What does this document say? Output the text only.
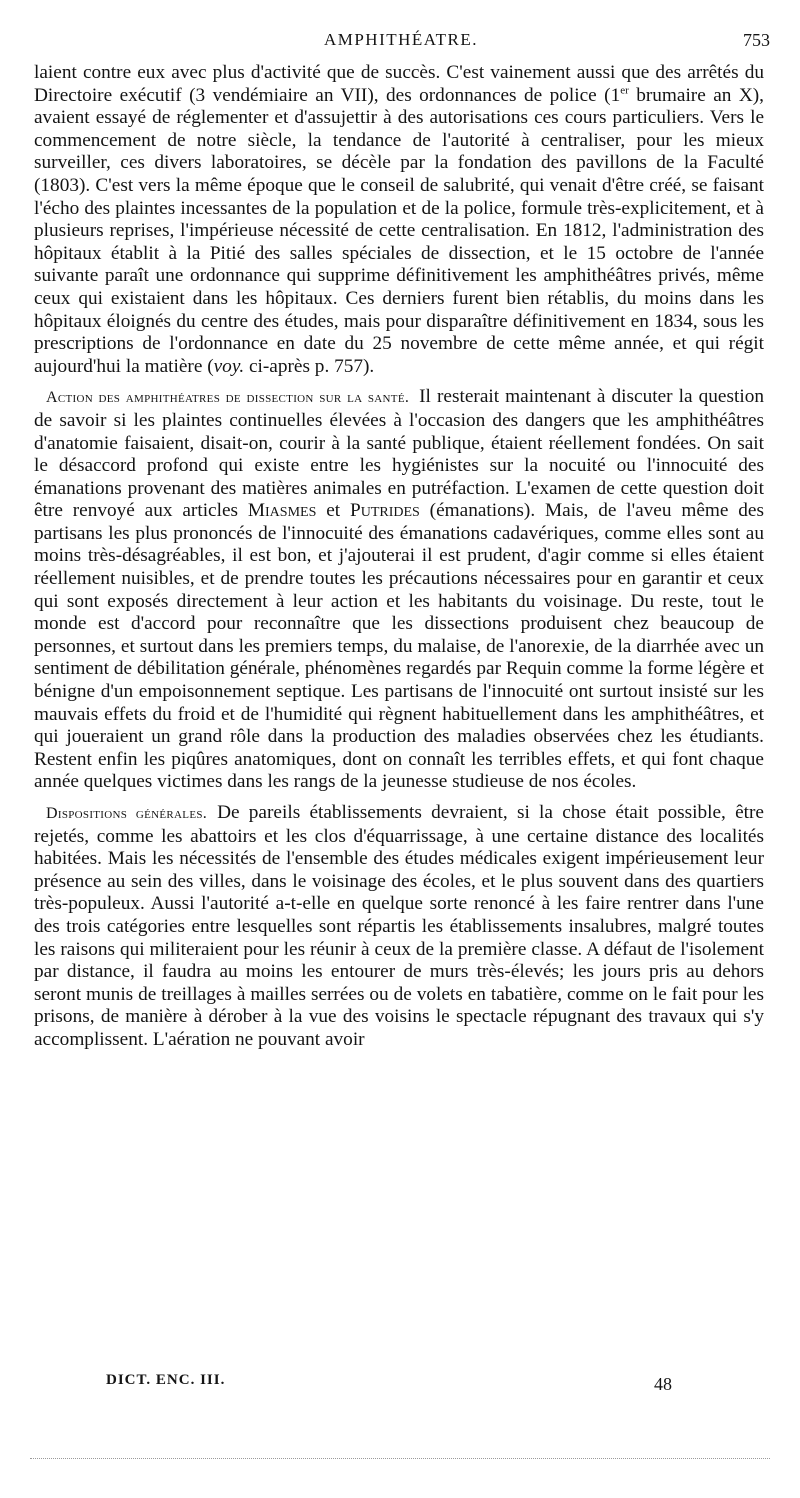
AMPHITHÉATRE.	753

laient contre eux avec plus d'activité que de succès. C'est vainement aussi que des arrêtés du Directoire exécutif (3 vendémiaire an VII), des ordonnances de police (1er brumaire an X), avaient essayé de réglementer et d'assujettir à des autorisations ces cours particuliers. Vers le commencement de notre siècle, la tendance de l'autorité à centraliser, pour les mieux surveiller, ces divers laboratoires, se décèle par la fondation des pavillons de la Faculté (1803). C'est vers la même époque que le conseil de salubrité, qui venait d'être créé, se faisant l'écho des plaintes incessantes de la population et de la police, formule très-explicitement, et à plusieurs reprises, l'impérieuse nécessité de cette centralisation. En 1812, l'administration des hôpitaux établit à la Pitié des salles spéciales de dissection, et le 15 octobre de l'année suivante paraît une ordonnance qui supprime définitivement les amphithéâtres privés, même ceux qui existaient dans les hôpitaux. Ces derniers furent bien rétablis, du moins dans les hôpitaux éloignés du centre des études, mais pour disparaître définitivement en 1834, sous les prescriptions de l'ordonnance en date du 25 novembre de cette même année, et qui régit aujourd'hui la matière (voy. ci-après p. 757).

Action des amphithéatres de dissection sur la santé. Il resterait maintenant à discuter la question de savoir si les plaintes continuelles élevées à l'occasion des dangers que les amphithéâtres d'anatomie faisaient, disait-on, courir à la santé publique, étaient réellement fondées. On sait le désaccord profond qui existe entre les hygiénistes sur la nocuité ou l'innocuité des émanations provenant des matières animales en putréfaction. L'examen de cette question doit être renvoyé aux articles Miasmes et Putrides (émanations). Mais, de l'aveu même des partisans les plus prononcés de l'innocuité des émanations cadavériques, comme elles sont au moins très-désagréables, il est bon, et j'ajouterai il est prudent, d'agir comme si elles étaient réellement nuisibles, et de prendre toutes les précautions nécessaires pour en garantir et ceux qui sont exposés directement à leur action et les habitants du voisinage. Du reste, tout le monde est d'accord pour reconnaître que les dissections produisent chez beaucoup de personnes, et surtout dans les premiers temps, du malaise, de l'anorexie, de la diarrhée avec un sentiment de débilitation générale, phénomènes regardés par Requin comme la forme légère et bénigne d'un empoisonnement septique. Les partisans de l'innocuité ont surtout insisté sur les mauvais effets du froid et de l'humidité qui règnent habituellement dans les amphithéâtres, et qui joueraient un grand rôle dans la production des maladies observées chez les étudiants. Restent enfin les piqûres anatomiques, dont on connaît les terribles effets, et qui font chaque année quelques victimes dans les rangs de la jeunesse studieuse de nos écoles.

Dispositions générales. De pareils établissements devraient, si la chose était possible, être rejetés, comme les abattoirs et les clos d'équarrissage, à une certaine distance des localités habitées. Mais les nécessités de l'ensemble des études médicales exigent impérieusement leur présence au sein des villes, dans le voisinage des écoles, et le plus souvent dans des quartiers très-populeux. Aussi l'autorité a-t-elle en quelque sorte renoncé à les faire rentrer dans l'une des trois catégories entre lesquelles sont répartis les établissements insalubres, malgré toutes les raisons qui militeraient pour les réunir à ceux de la première classe. A défaut de l'isolement par distance, il faudra au moins les entourer de murs très-élevés; les jours pris au dehors seront munis de treillages à mailles serrées ou de volets en tabatière, comme on le fait pour les prisons, de manière à dérober à la vue des voisins le spectacle répugnant des travaux qui s'y accomplissent. L'aération ne pouvant avoir

DICT. ENC. III.	48
